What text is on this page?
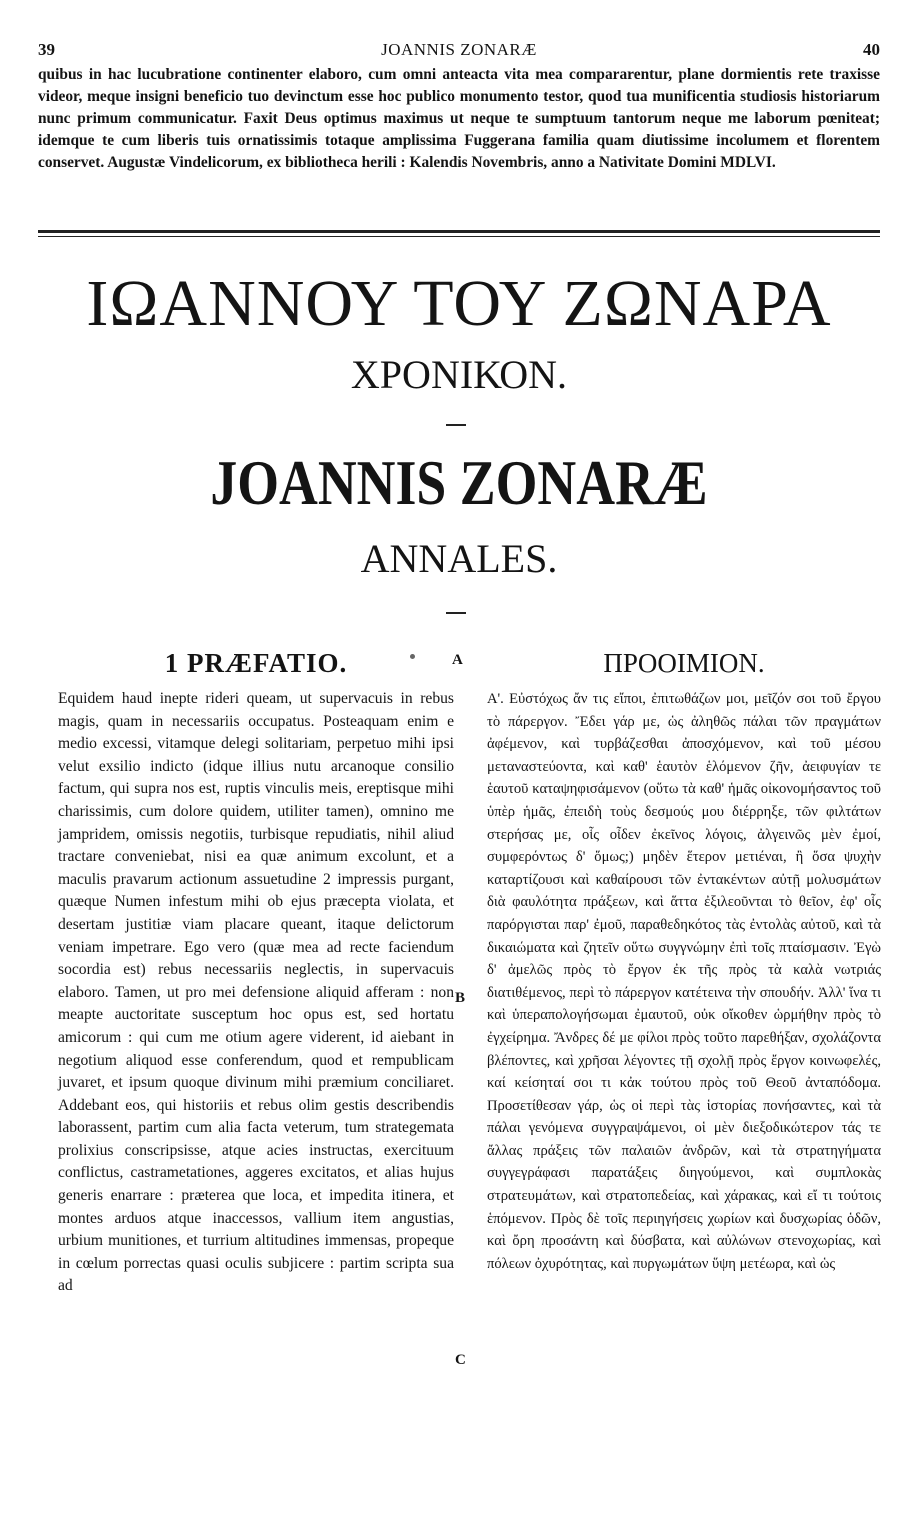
39	JOANNIS ZONARÆ	40
quibus in hac lucubratione continenter elaboro, cum omni anteacta vita mea compararentur, plane dormientis rete traxisse videor, meque insigni beneficio tuo devinctum esse hoc publico monumento testor, quod tua munificentia studiosis historiarum nunc primum communicatur. Faxit Deus optimus maximus ut neque te sumptuum tantorum neque me laborum pœniteat; idemque te cum liberis tuis ornatissimis totaque amplissima Fuggerana familia quam diutissime incolumem et florentem conservet. Augustæ Vindelicorum, ex bibliotheca herili : Kalendis Novembris, anno a Nativitate Domini MDLVI.
ΙΩΑΝΝΟΥ ΤΟΥ ΖΩΝΑΡΑ
ΧΡΟΝΙΚΟΝ.
JOANNIS ZONARÆ
ANNALES.
1 PRÆFATIO.
Equidem haud inepte rideri queam, ut supervacuis in rebus magis, quam in necessariis occupatus. Posteaquam enim e medio excessi, vitamque delegi solitariam, perpetuo mihi ipsi velut exsilio indicto (idque illius nutu arcanoque consilio factum, qui supra nos est, ruptis vinculis meis, ereptisque mihi charissimis, cum dolore quidem, utiliter tamen), omnino me jampridem, omissis negotiis, turbisque repudiatis, nihil aliud tractare conveniebat, nisi ea quæ animum excolunt, et a maculis pravarum actionum assuetudine 2 impressis purgant, quæque Numen infestum mihi ob ejus præcepta violata, et desertam justitiæ viam placare queant, itaque delictorum veniam impetrare. Ego vero (quæ mea ad recte faciendum socordia est) rebus necessariis neglectis, in supervacuis elaboro. Tamen, ut pro mei defensione aliquid afferam : non meapte auctoritate susceptum hoc opus est, sed hortatu amicorum : qui cum me otium agere viderent, id aiebant in negotium aliquod esse conferendum, quod et rempublicam juvaret, et ipsum quoque divinum mihi præmium conciliaret. Addebant eos, qui historiis et rebus olim gestis describendis laborassent, partim cum alia facta veterum, tum strategemata prolixius conscripsisse, atque acies instructas, exercituum conflictus, castrametationes, aggeres excitatos, et alias hujus generis enarrare : præterea que loca, et impedita itinera, et montes arduos atque inaccessos, vallium item angustias, urbium munitiones, et turrium altitudines immensas, propeque in cœlum porrectas quasi oculis subjicere : partim scripta sua ad
A
B
C
ΠΡΟΟΙΜΙΟΝ.
Α'. Εὐστόχως ἄν τις εἴποι, ἐπιτωθάζων μοι, μεῖζόν σοι τοῦ ἔργου τὸ πάρεργον. Ἔδει γάρ με, ὡς ἀληθῶς πάλαι τῶν πραγμάτων ἀφέμενον, καὶ τυρβάζεσθαι ἀποσχόμενον, καὶ τοῦ μέσου μεταναστεύοντα, καὶ καθ' ἑαυτὸν ἑλόμενον ζῆν, ἀειφυγίαν τε ἑαυτοῦ καταψηφισάμενον (οὕτω τὰ καθ' ἡμᾶς οἰκονομήσαντος τοῦ ὑπὲρ ἡμᾶς, ἐπειδὴ τοὺς δεσμούς μου διέρρηξε, τῶν φιλτάτων στερήσας με, οἷς οἶδεν ἐκεῖνος λόγοις, ἀλγεινῶς μὲν ἐμοί, συμφερόντως δ' ὅμως;) μηδὲν ἕτερον μετιέναι, ἢ ὅσα ψυχὴν καταρτίζουσι καὶ καθαίρουσι τῶν ἐντακέντων αὐτῇ μολυσμάτων διὰ φαυλότητα πράξεων, καὶ ἅττα ἐξιλεοῦνται τὸ θεῖον, ἐφ' οἷς παρόργισται παρ' ἐμοῦ, παραθεδηκότος τὰς ἐντολὰς αὐτοῦ, καὶ τὰ δικαιώματα καὶ ζητεῖν οὕτω συγγνώμην ἐπὶ τοῖς πταίσμασιν. Ἐγὼ δ' ἀμελῶς πρὸς τὸ ἔργον ἐκ τῆς πρὸς τὰ καλὰ νωτριάς διατιθέμενος, περὶ τὸ πάρεργον κατέτεινα τὴν σπουδήν. Ἀλλ' ἵνα τι καὶ ὑπεραπολογήσωμαι ἐμαυτοῦ, οὐκ οἴκοθεν ὡρμήθην πρὸς τὸ ἐγχείρημα. Ἄνδρες δέ με φίλοι πρὸς τοῦτο παρεθήξαν, σχολάζοντα βλέποντες, καὶ χρῆσαι λέγοντες τῇ σχολῇ πρὸς ἔργον κοινωφελές, καί κείσηταί σοι τι κἀκ τούτου πρὸς τοῦ Θεοῦ ἀνταπόδομα. Προσετίθεσαν γάρ, ὡς οἱ περὶ τὰς ἱστορίας πονήσαντες, καὶ τὰ πάλαι γενόμενα συγγραψάμενοι, οἱ μὲν διεξοδικώτερον τάς τε ἄλλας πράξεις τῶν παλαιῶν ἀνδρῶν, καὶ τὰ στρατηγήματα συγγεγράφασι παρατάξεις διηγούμενοι, καὶ συμπλοκὰς στρατευμάτων, καὶ στρατοπεδείας, καὶ χάρακας, καὶ εἴ τι τούτοις ἑπόμενον. Πρὸς δὲ τοῖς περιηγήσεις χωρίων καὶ δυσχωρίας ὁδῶν, καὶ ὄρη προσάντη καὶ δύσβατα, καὶ αὐλώνων στενοχωρίας, καὶ πόλεων ὀχυρότητας, καὶ πυργωμάτων ὕψη μετέωρα, καὶ ὡς
